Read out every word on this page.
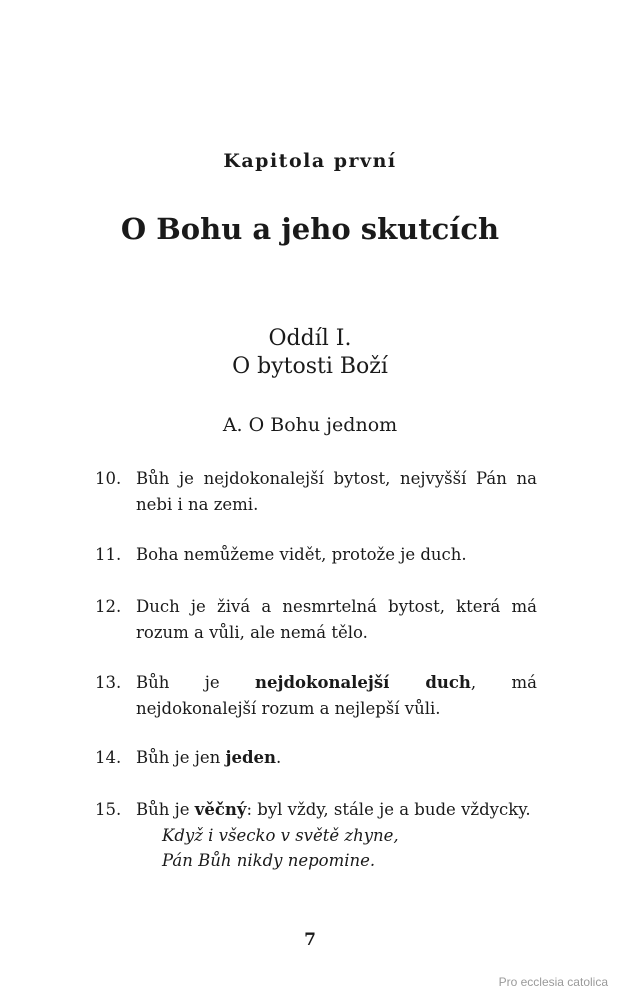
Kapitola první
O Bohu a jeho skutcích
Oddíl I.
O bytosti Boží
A. O Bohu jednom
10. Bůh je nejdokonalejší bytost, nejvyšší Pán na nebi i na zemi.
11. Boha nemůžeme vidět, protože je duch.
12. Duch je živá a nesmrtelná bytost, která má rozum a vůli, ale nemá tělo.
13. Bůh je nejdokonalejší duch, má nejdokonalejší rozum a nejlepší vůli.
14. Bůh je jen jeden.
15. Bůh je věčný: byl vždy, stále je a bude vždycky.
Když i všecko v světě zhyne,
Pán Bůh nikdy nepomine.
7
Pro ecclesia catolica
